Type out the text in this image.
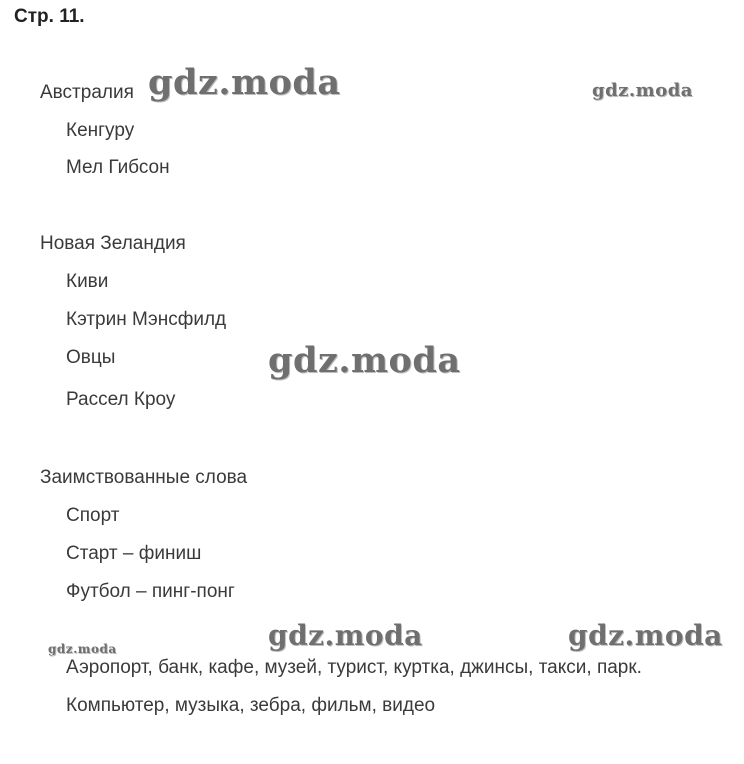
Стр. 11.
Австралия
Кенгуру
Мел Гибсон
Новая Зеландия
Киви
Кэтрин Мэнсфилд
Овцы
Рассел Кроу
Заимствованные слова
Спорт
Старт – финиш
Футбол – пинг-понг
Аэропорт, банк, кафе, музей, турист, куртка, джинсы, такси, парк.
Компьютер, музыка, зебра, фильм, видео
gdz.moda	gdz.moda
gdz.moda
gdz.moda	gdz.moda	gdz.moda
